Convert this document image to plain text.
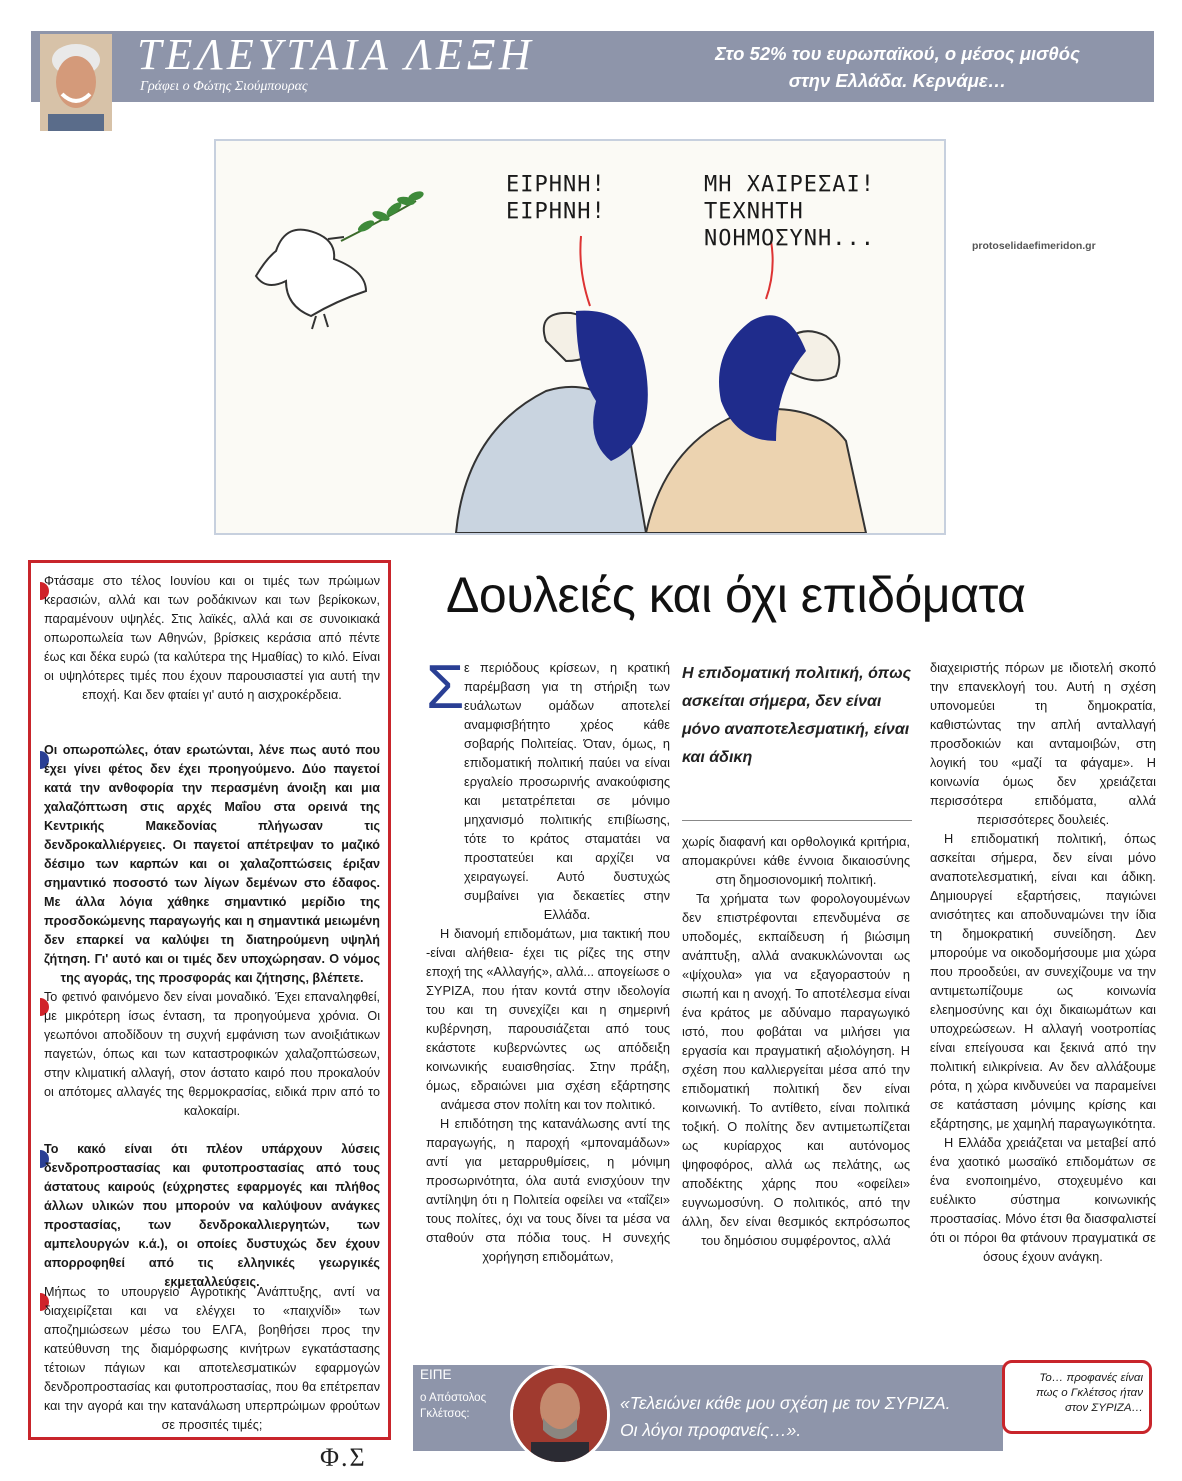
ΤΕΛΕΥΤΑΙΑ ΛΕΞΗ
Γράφει ο Φώτης Σιούμπουρας
Στο 52% του ευρωπαϊκού, ο μέσος μισθός
στην Ελλάδα. Κερνάμε…
ΕΙΡΗΝΗ!
ΕΙΡΗΝΗ!
ΜΗ ΧΑΙΡΕΣΑΙ!
ΤΕΧΝΗΤΗ
ΝΟΗΜΟΣΥΝΗ...	protoselidaefimeridon.gr
Φτάσαμε στο τέλος Ιουνίου και οι τιμές των πρώιμων κερασιών, αλλά και των ροδάκινων και των βερίκοκων, παραμένουν υψηλές. Στις λαϊκές, αλλά και σε συνοικιακά οπωροπωλεία των Αθηνών, βρίσκεις κεράσια από πέντε έως και δέκα ευρώ (τα καλύτερα της Ημαθίας) το κιλό. Είναι οι υψηλότερες τιμές που έχουν παρουσιαστεί για αυτή την εποχή. Και δεν φταίει γι' αυτό η αισχροκέρδεια.
Οι οπωροπώλες, όταν ερωτώνται, λένε πως αυτό που έχει γίνει φέτος δεν έχει προηγούμενο. Δύο παγετοί κατά την ανθοφορία την περασμένη άνοιξη και μια χαλαζόπτωση στις αρχές Μαΐου στα ορεινά της Κεντρικής Μακεδονίας πλήγωσαν τις δενδροκαλλιέργειες. Οι παγετοί απέτρεψαν το μαζικό δέσιμο των καρπών και οι χαλαζοπτώσεις έριξαν σημαντικό ποσοστό των λίγων δεμένων στο έδαφος. Με άλλα λόγια χάθηκε σημαντικό μερίδιο της προσδοκώμενης παραγωγής και η σημαντικά μειωμένη δεν επαρκεί να καλύψει τη διατηρούμενη υψηλή ζήτηση. Γι' αυτό και οι τιμές δεν υποχώρησαν. Ο νόμος της αγοράς, της προσφοράς και ζήτησης, βλέπετε.
Το φετινό φαινόμενο δεν είναι μοναδικό. Έχει επαναληφθεί, με μικρότερη ίσως ένταση, τα προηγούμενα χρόνια. Οι γεωπόνοι αποδίδουν τη συχνή εμφάνιση των ανοιξιάτικων παγετών, όπως και των καταστροφικών χαλαζοπτώσεων, στην κλιματική αλλαγή, στον άστατο καιρό που προκαλούν οι απότομες αλλαγές της θερμοκρασίας, ειδικά πριν από το καλοκαίρι.
Το κακό είναι ότι πλέον υπάρχουν λύσεις δενδροπροστασίας και φυτοπροστασίας από τους άστατους καιρούς (εύχρηστες εφαρμογές και πλήθος άλλων υλικών που μπορούν να καλύψουν ανάγκες προστασίας, των δενδροκαλλιεργητών, των αμπελουργών κ.ά.), οι οποίες δυστυχώς δεν έχουν απορροφηθεί από τις ελληνικές γεωργικές εκμεταλλεύσεις.
Μήπως το υπουργείο Αγροτικής Ανάπτυξης, αντί να διαχειρίζεται και να ελέγχει το «παιχνίδι» των αποζημιώσεων μέσω του ΕΛΓΑ, βοηθήσει προς την κατεύθυνση της διαμόρφωσης κινήτρων εγκατάστασης τέτοιων πάγιων και αποτελεσματικών εφαρμογών δενδροπροστασίας και φυτοπροστασίας, που θα επέτρεπαν και την αγορά και την κατανάλωση υπερπρώιμων φρούτων σε προσιτές τιμές;
Φ.Σ
Δουλειές και όχι επιδόματα
Σ ε περιόδους κρίσεων, η κρατική παρέμβαση για τη στήριξη των ευάλωτων ομάδων αποτελεί αναμφισβήτητο χρέος κάθε σοβαρής Πολιτείας. Όταν, όμως, η επιδοματική πολιτική παύει να είναι εργαλείο προσωρινής ανακούφισης και μετατρέπεται σε μόνιμο μηχανισμό πολιτικής επιβίωσης, τότε το κράτος σταματάει να προστατεύει και αρχίζει να χειραγωγεί. Αυτό δυστυχώς συμβαίνει για δεκαετίες στην Ελλάδα.

Η διανομή επιδομάτων, μια τακτική που -είναι αλήθεια- έχει τις ρίζες της στην εποχή της «Αλλαγής», αλλά... απογείωσε ο ΣΥΡΙΖΑ, που ήταν κοντά στην ιδεολογία του και τη συνεχίζει και η σημερινή κυβέρνηση, παρουσιάζεται από τους εκάστοτε κυβερνώντες ως απόδειξη κοινωνικής ευαισθησίας. Στην πράξη, όμως, εδραιώνει μια σχέση εξάρτησης ανάμεσα στον πολίτη και τον πολιτικό.

Η επιδότηση της κατανάλωσης αντί της παραγωγής, η παροχή «μποναμάδων» αντί για μεταρρυθμίσεις, η μόνιμη προσωρινότητα, όλα αυτά ενισχύουν την αντίληψη ότι η Πολιτεία οφείλει να «ταΐζει» τους πολίτες, όχι να τους δίνει τα μέσα να σταθούν στα πόδια τους. Η συνεχής χορήγηση επιδομάτων,

Η επιδοματική πολιτική, όπως ασκείται σήμερα, δεν είναι μόνο αναποτελεσματική, είναι και άδικη

χωρίς διαφανή και ορθολογικά κριτήρια, απομακρύνει κάθε έννοια δικαιοσύνης στη δημοσιονομική πολιτική.

Τα χρήματα των φορολογουμένων δεν επιστρέφονται επενδυμένα σε υποδομές, εκπαίδευση ή βιώσιμη ανάπτυξη, αλλά ανακυκλώνονται ως «ψίχουλα» για να εξαγοραστούν η σιωπή και η ανοχή. Το αποτέλεσμα είναι ένα κράτος με αδύναμο παραγωγικό ιστό, που φοβάται να μιλήσει για εργασία και πραγματική αξιολόγηση. Η σχέση που καλλιεργείται μέσα από την επιδοματική πολιτική δεν είναι κοινωνική. Το αντίθετο, είναι πολιτικά τοξική. Ο πολίτης δεν αντιμετωπίζεται ως κυρίαρχος και αυτόνομος ψηφοφόρος, αλλά ως πελάτης, ως αποδέκτης χάρης που «οφείλει» ευγνωμοσύνη. Ο πολιτικός, από την άλλη, δεν είναι θεσμικός εκπρόσωπος του δημόσιου συμφέροντος, αλλά

διαχειριστής πόρων με ιδιοτελή σκοπό την επανεκλογή του. Αυτή η σχέση υπονομεύει τη δημοκρατία, καθιστώντας την απλή ανταλλαγή προσδοκιών και ανταμοιβών, στη λογική του «μαζί τα φάγαμε». Η κοινωνία όμως δεν χρειάζεται περισσότερα επιδόματα, αλλά περισσότερες δουλειές.

Η επιδοματική πολιτική, όπως ασκείται σήμερα, δεν είναι μόνο αναποτελεσματική, είναι και άδικη. Δημιουργεί εξαρτήσεις, παγιώνει ανισότητες και αποδυναμώνει την ίδια τη δημοκρατική συνείδηση. Δεν μπορούμε να οικοδομήσουμε μια χώρα που προοδεύει, αν συνεχίζουμε να την αντιμετωπίζουμε ως κοινωνία ελεημοσύνης και όχι δικαιωμάτων και υποχρεώσεων. Η αλλαγή νοοτροπίας είναι επείγουσα και ξεκινά από την πολιτική ειλικρίνεια. Αν δεν αλλάξουμε ρότα, η χώρα κινδυνεύει να παραμείνει σε κατάσταση μόνιμης κρίσης και εξάρτησης, με χαμηλή παραγωγικότητα.

Η Ελλάδα χρειάζεται να μεταβεί από ένα χαοτικό μωσαϊκό επιδομάτων σε ένα ενοποιημένο, στοχευμένο και ευέλικτο σύστημα κοινωνικής προστασίας. Μόνο έτσι θα διασφαλιστεί ότι οι πόροι θα φτάνουν πραγματικά σε όσους έχουν ανάγκη.

ΕΙΠΕ
ο Απόστολος
Γκλέτσος:
«Τελειώνει κάθε μου σχέση με τον ΣΥΡΙΖΑ.
Οι λόγοι προφανείς…».
Το… προφανές είναι
πως ο Γκλέτσος ήταν
στον ΣΥΡΙΖΑ…
